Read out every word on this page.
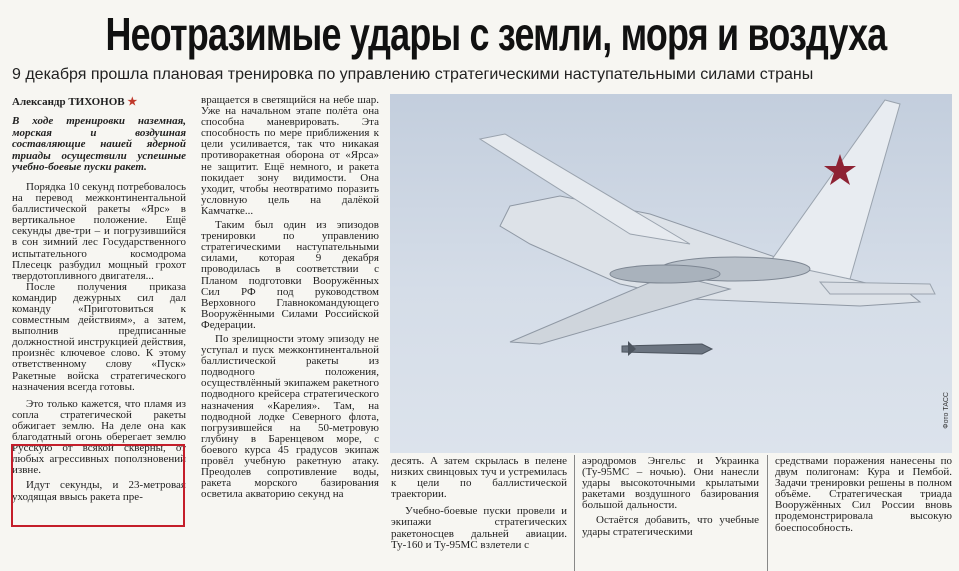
Неотразимые удары с земли, моря и воздуха
9 декабря прошла плановая тренировка по управлению стратегическими наступательными силами страны
Александр ТИХОНОВ ★

В ходе тренировки наземная, морская и воздушная составляющие нашей ядерной триады осуществили успешные учебно-боевые пуски ракет.

Порядка 10 секунд потребовалось на перевод межконтинентальной баллистической ракеты «Ярс» в вертикальное положение. Ещё секунды две-три – и погрузившийся в сон зимний лес Государственного испытательного космодрома Плесецк разбудил мощный грохот твердотопливного двигателя...

После получения приказа командир дежурных сил дал команду «Приготовиться к совместным действиям», а затем, выполнив предписанные должностной инструкцией действия, произнёс ключевое слово. К этому ответственному слову «Пуск» Ракетные войска стратегического назначения всегда готовы.

Это только кажется, что пламя из сопла стратегической ракеты обжигает землю. На деле она как благодатный огонь оберегает землю Русскую от всякой скверны, от любых агрессивных поползновений извне.

Идут секунды, и 23-метровая уходящая ввысь ракета пре-

вращается в светящийся на небе шар. Уже на начальном этапе полёта она способна маневрировать. Эта способность по мере приближения к цели усиливается, так что никакая противоракетная оборона от «Ярса» не защитит. Ещё немного, и ракета покидает зону видимости. Она уходит, чтобы неотвратимо поразить условную цель на далёкой Камчатке...

Таким был один из эпизодов тренировки по управлению стратегическими наступательными силами, которая 9 декабря проводилась в соответствии с Планом подготовки Вооружённых Сил РФ под руководством Верховного Главнокомандующего Вооружёнными Силами Российской Федерации.

По зрелищности этому эпизоду не уступал и пуск межконтинентальной баллистической ракеты из подводного положения, осуществлённый экипажем ракетного подводного крейсера стратегического назначения «Карелия». Там, на подводной лодке Северного флота, погрузившейся на 50-метровую глубину в Баренцевом море, с боевого курса 45 градусов экипаж провёл учебную ракетную атаку. Преодолев сопротивление воды, ракета морского базирования осветила акваторию секунд на

Фото ТАСС

десять. А затем скрылась в пелене низких свинцовых туч и устремилась к цели по баллистической траектории.

Учебно-боевые пуски провели и экипажи стратегических ракетоносцев дальней авиации. Ту-160 и Ту-95МС взлетели с

аэродромов Энгельс и Украинка (Ту-95МС – ночью). Они нанесли удары высокоточными крылатыми ракетами воздушного базирования большой дальности.

Остаётся добавить, что учебные удары стратегическими

средствами поражения нанесены по двум полигонам: Кура и Пембой. Задачи тренировки решены в полном объёме. Стратегическая триада Вооружённых Сил России вновь продемонстрировала высокую боеспособность.
